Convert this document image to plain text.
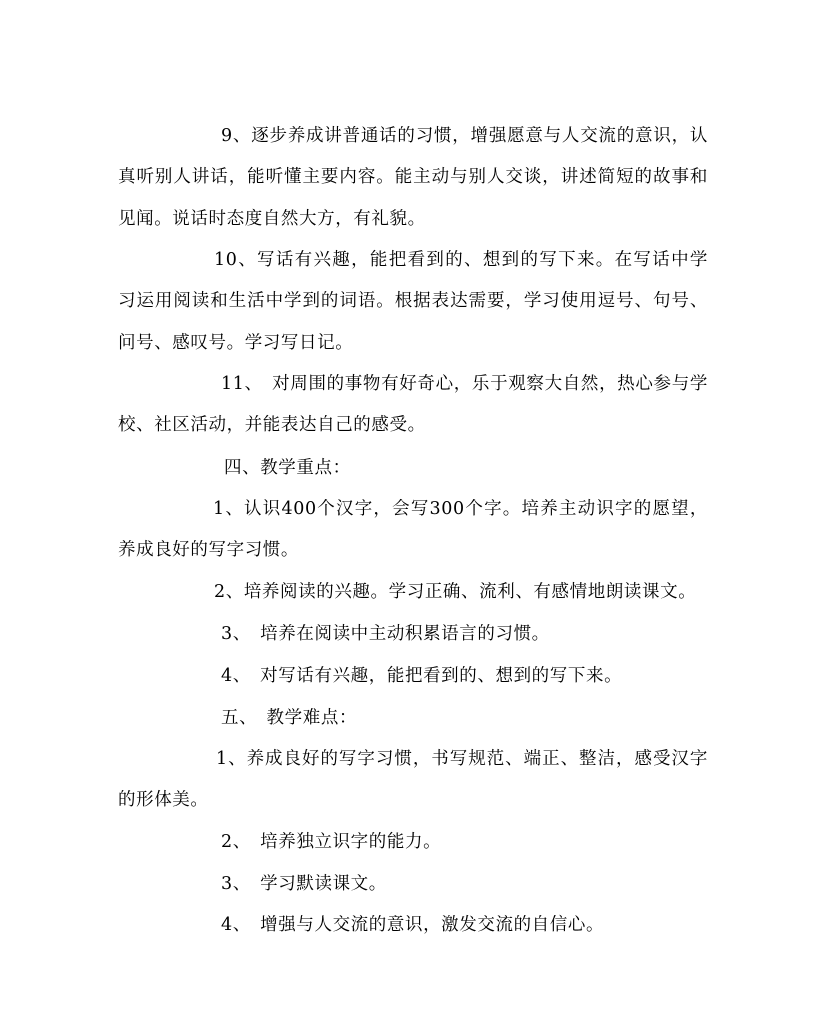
9、逐步养成讲普通话的习惯，增强愿意与人交流的意识，认真听别人讲话，能听懂主要内容。能主动与别人交谈，讲述简短的故事和见闻。说话时态度自然大方，有礼貌。

10、写话有兴趣，能把看到的、想到的写下来。在写话中学习运用阅读和生活中学到的词语。根据表达需要，学习使用逗号、句号、问号、感叹号。学习写日记。

11、　对周围的事物有好奇心，乐于观察大自然，热心参与学校、社区活动，并能表达自己的感受。

四、教学重点：

1、认识400个汉字，会写300个字。培养主动识字的愿望，养成良好的写字习惯。

2、培养阅读的兴趣。学习正确、流利、有感情地朗读课文。

3、　培养在阅读中主动积累语言的习惯。

4、　对写话有兴趣，能把看到的、想到的写下来。

五、　教学难点：

1、养成良好的写字习惯，书写规范、端正、整洁，感受汉字的形体美。

2、　培养独立识字的能力。

3、　学习默读课文。

4、　增强与人交流的意识，激发交流的自信心。
